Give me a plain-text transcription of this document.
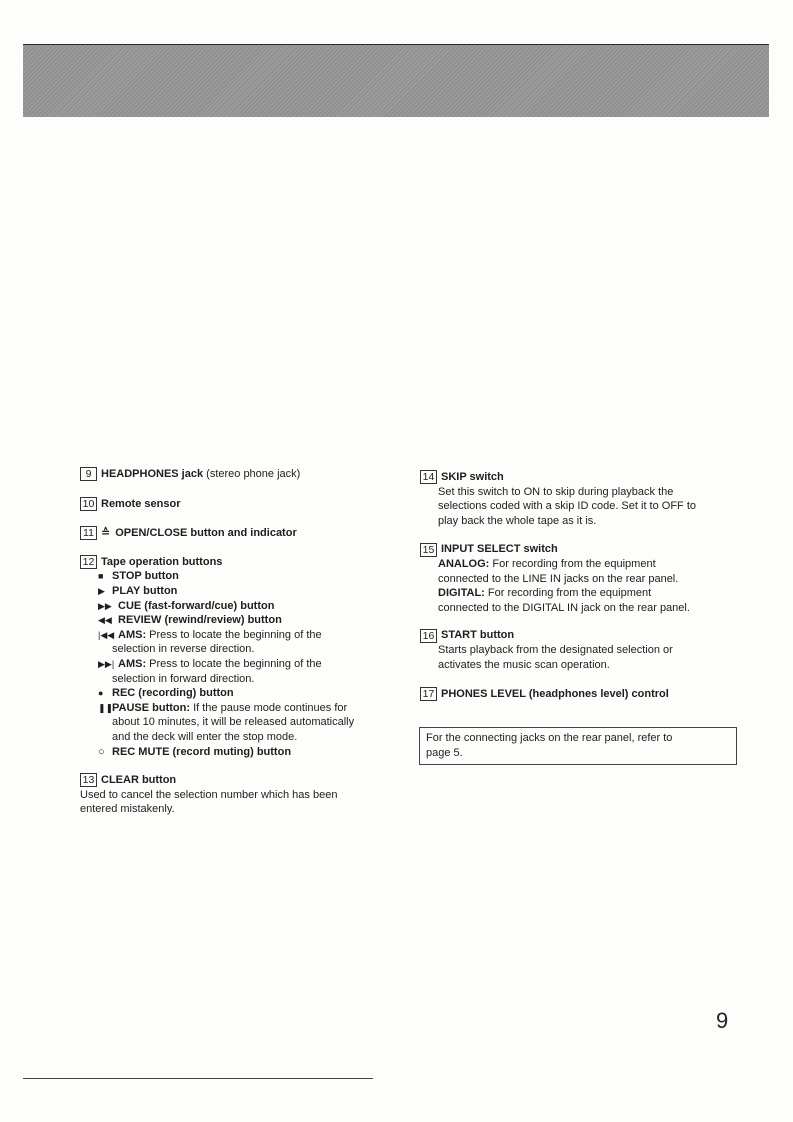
9 HEADPHONES jack (stereo phone jack)
10 Remote sensor
11 ≙ OPEN/CLOSE button and indicator
12 Tape operation buttons
■ STOP button
▶ PLAY button
▶▶ CUE (fast-forward/cue) button
◀◀ REVIEW (rewind/review) button
|◀◀ AMS: Press to locate the beginning of the
selection in reverse direction.
▶▶| AMS: Press to locate the beginning of the
selection in forward direction.
● REC (recording) button
❚❚
PAUSE button: If the pause mode continues for
about 10 minutes, it will be released automatically
and the deck will enter the stop mode.
○ REC MUTE (record muting) button
13 CLEAR button
Used to cancel the selection number which has been
entered mistakenly.
14 SKIP switch
Set this switch to ON to skip during playback the
selections coded with a skip ID code. Set it to OFF to
play back the whole tape as it is.
15 INPUT SELECT switch
ANALOG: For recording from the equipment
connected to the LINE IN jacks on the rear panel.
DIGITAL: For recording from the equipment
connected to the DIGITAL IN jack on the rear panel.
16 START button
Starts playback from the designated selection or
activates the music scan operation.
17 PHONES LEVEL (headphones level) control
For the connecting jacks on the rear panel, refer to
page 5.
9
